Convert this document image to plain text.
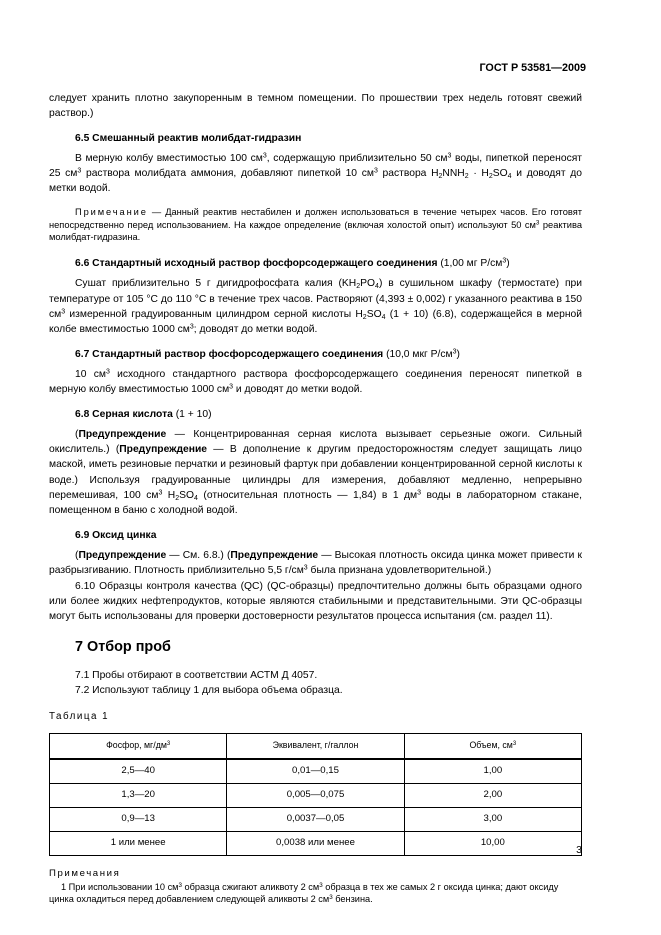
ГОСТ Р 53581—2009

следует хранить плотно закупоренным в темном помещении. По прошествии трех недель готовят свежий раствор.)

6.5 Смешанный реактив молибдат-гидразин

В мерную колбу вместимостью 100 $см^3$, содержащую приблизительно 50 $см^3$ воды, пипеткой переносят 25 $см^3$ раствора молибдата аммония, добавляют пипеткой 10 $см^3$ раствора $H_2NNH_2 \cdot H_2SO_4$ и доводят до метки водой.

Примечание — Данный реактив нестабилен и должен использоваться в течение четырех часов. Его готовят непосредственно перед использованием. На каждое определение (включая холостой опыт) используют 50 $см^3$ реактива молибдат-гидразина.

6.6 Стандартный исходный раствор фосфорсодержащего соединения (1,00 мг $P/см^3$)

Сушат приблизительно 5 г дигидрофосфата калия $(KH_2PO_4)$ в сушильном шкафу (термостате) при температуре от 105 °С до 110 °С в течение трех часов. Растворяют (4,393 ± 0,002) г указанного реактива в 150 $см^3$ измеренной градуированным цилиндром серной кислоты $H_2SO_4$ (1 + 10) (6.8), содержащейся в мерной колбе вместимостью 1000 $см^3$; доводят до метки водой.

6.7 Стандартный раствор фосфорсодержащего соединения (10,0 мкг $P/см^3$)

10 $см^3$ исходного стандартного раствора фосфорсодержащего соединения переносят пипеткой в мерную колбу вместимостью 1000 $см^3$ и доводят до метки водой.

6.8 Серная кислота (1 + 10)

(Предупреждение — Концентрированная серная кислота вызывает серьезные ожоги. Сильный окислитель.) (Предупреждение — В дополнение к другим предосторожностям следует защищать лицо маской, иметь резиновые перчатки и резиновый фартук при добавлении концентрированной серной кислоты к воде.) Используя градуированные цилиндры для измерения, добавляют медленно, непрерывно перемешивая, 100 $см^3$ $H_2SO_4$ (относительная плотность — 1,84) в 1 $дм^3$ воды в лабораторном стакане, помещенном в баню с холодной водой.

6.9 Оксид цинка

(Предупреждение — См. 6.8.) (Предупреждение — Высокая плотность оксида цинка может привести к разбрызгиванию. Плотность приблизительно 5,5 $г/см^3$ была признана удовлетворительной.)

6.10 Образцы контроля качества (QC) (QC-образцы) предпочтительно должны быть образцами одного или более жидких нефтепродуктов, которые являются стабильными и представительными. Эти QC-образцы могут быть использованы для проверки достоверности результатов процесса испытания (см. раздел 11).

7 Отбор проб

7.1 Пробы отбирают в соответствии АСТМ Д 4057.

7.2 Используют таблицу 1 для выбора объема образца.

Таблица 1

Фосфор, $мг/дм^3$	Эквивалент, г/галлон	Объем, $см^3$
2,5—40	0,01—0,15	1,00
1,3—20	0,005—0,075	2,00
0,9—13	0,0037—0,05	3,00
1 или менее	0,0038 или менее	10,00

Примечания

1 При использовании 10 $см^3$ образца сжигают аликвоту 2 $см^3$ образца в тех же самых 2 г оксида цинка; дают оксиду цинка охладиться перед добавлением следующей аликвоты 2 $см^3$ бензина.

3
